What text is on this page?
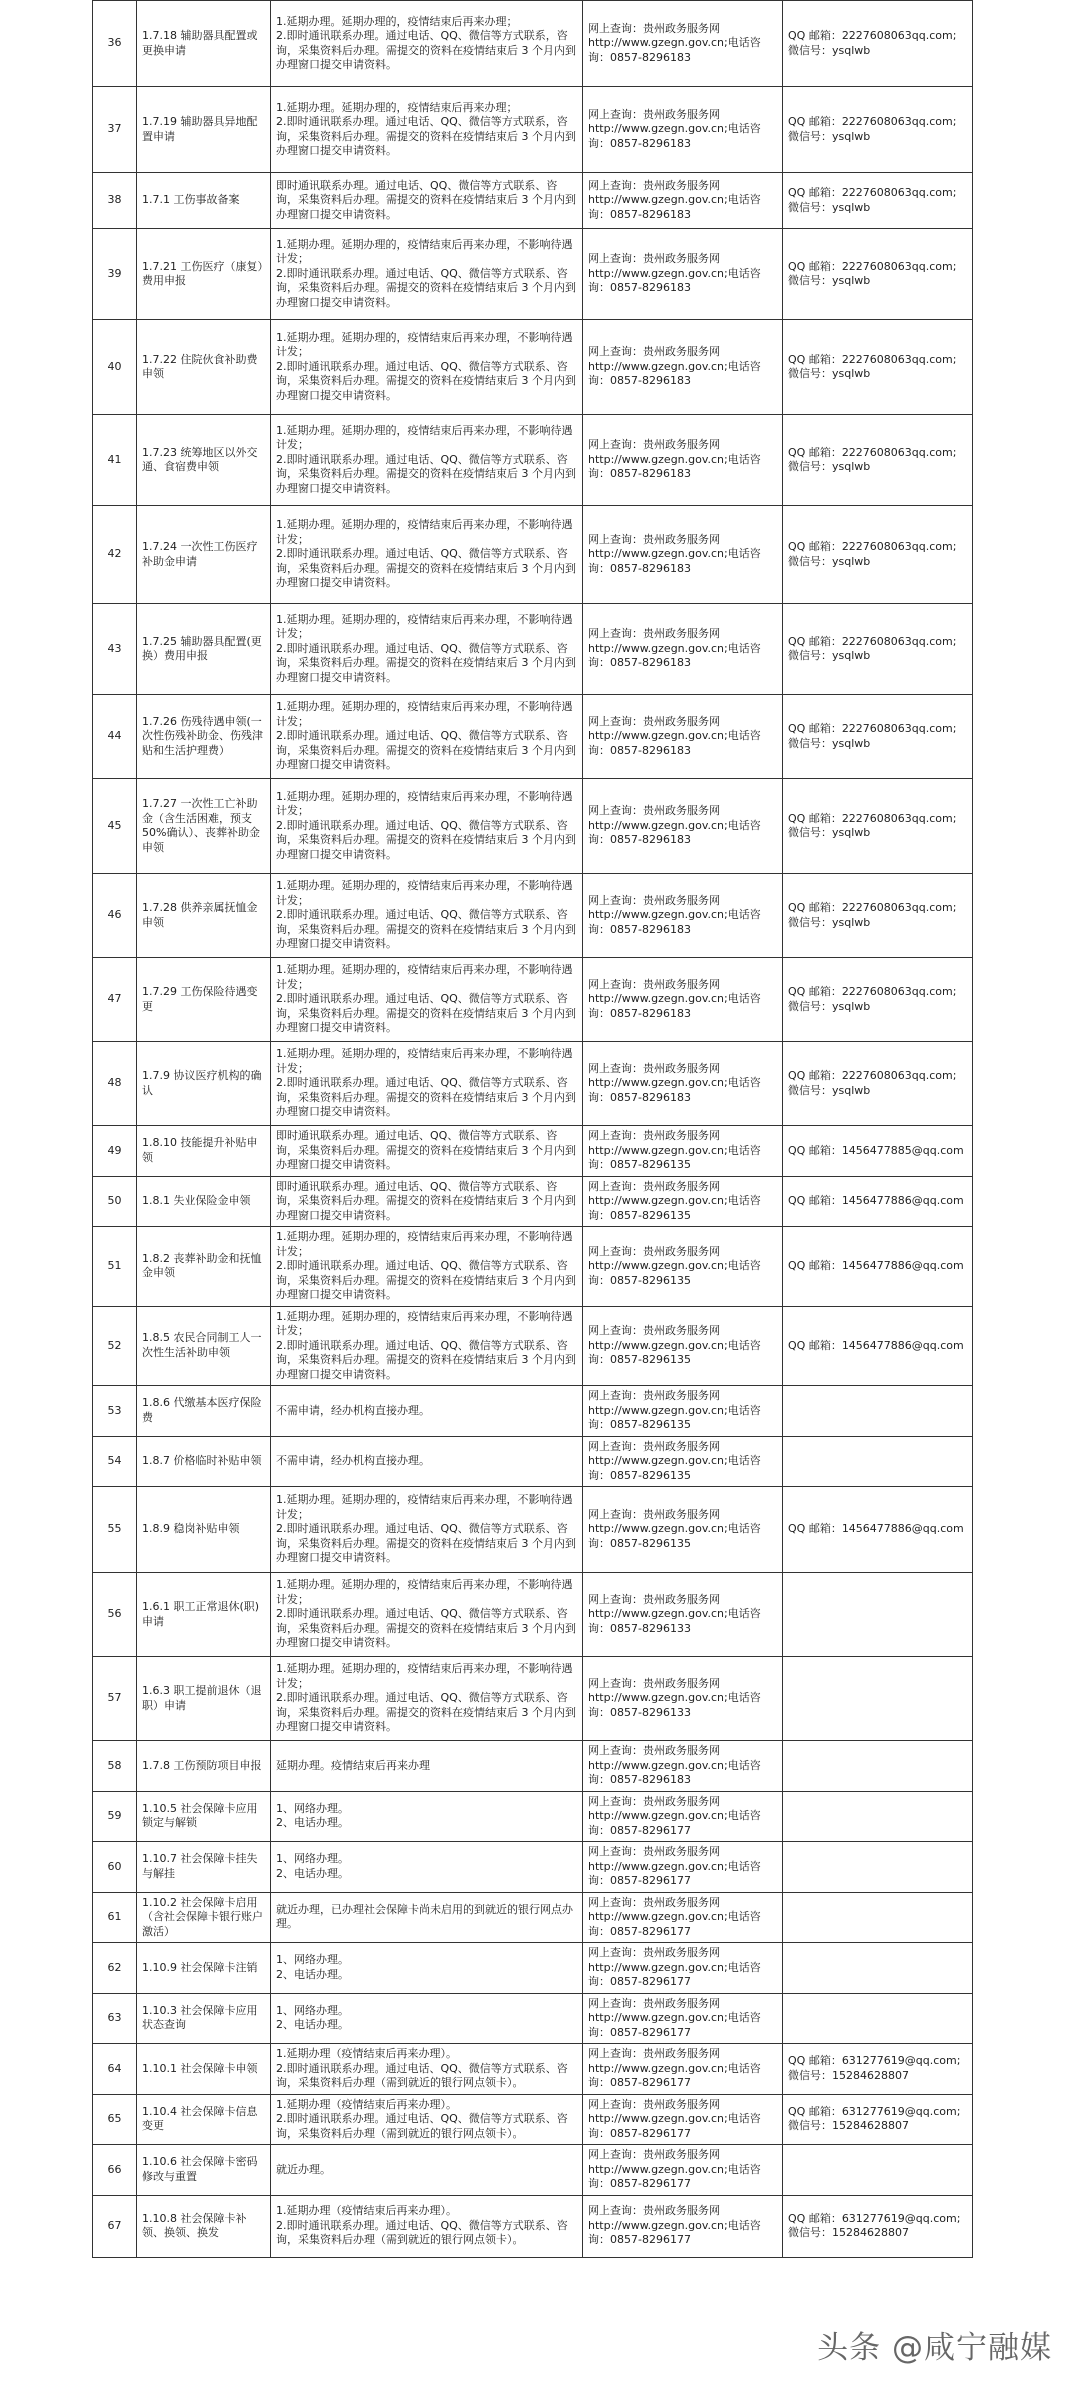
36	1.7.18 辅助器具配置或更换申请	1.延期办理。延期办理的，疫情结束后再来办理；
2.即时通讯联系办理。通过电话、QQ、微信等方式联系，咨询，采集资料后办理。需提交的资料在疫情结束后 3 个月内到办理窗口提交申请资料。	网上查询：贵州政务服务网
http://www.gzegn.gov.cn;电话咨询：0857-8296183	QQ 邮箱：2227608063qq.com;
微信号：ysqlwb
37	1.7.19 辅助器具异地配置申请	1.延期办理。延期办理的，疫情结束后再来办理；
2.即时通讯联系办理。通过电话、QQ、微信等方式联系，咨询，采集资料后办理。需提交的资料在疫情结束后 3 个月内到办理窗口提交申请资料。	网上查询：贵州政务服务网
http://www.gzegn.gov.cn;电话咨询：0857-8296183	QQ 邮箱：2227608063qq.com;
微信号：ysqlwb
38	1.7.1 工伤事故备案	即时通讯联系办理。通过电话、QQ、微信等方式联系、咨询，采集资料后办理。需提交的资料在疫情结束后 3 个月内到办理窗口提交申请资料。	网上查询：贵州政务服务网
http://www.gzegn.gov.cn;电话咨询：0857-8296183	QQ 邮箱：2227608063qq.com;
微信号：ysqlwb
39	1.7.21 工伤医疗（康复）费用申报	1.延期办理。延期办理的，疫情结束后再来办理，不影响待遇计发；
2.即时通讯联系办理。通过电话、QQ、微信等方式联系、咨询，采集资料后办理。需提交的资料在疫情结束后 3 个月内到办理窗口提交申请资料。	网上查询：贵州政务服务网
http://www.gzegn.gov.cn;电话咨询：0857-8296183	QQ 邮箱：2227608063qq.com;
微信号：ysqlwb
40	1.7.22 住院伙食补助费申领	1.延期办理。延期办理的，疫情结束后再来办理，不影响待遇计发；
2.即时通讯联系办理。通过电话、QQ、微信等方式联系、咨询，采集资料后办理。需提交的资料在疫情结束后 3 个月内到办理窗口提交申请资料。	网上查询：贵州政务服务网
http://www.gzegn.gov.cn;电话咨询：0857-8296183	QQ 邮箱：2227608063qq.com;
微信号：ysqlwb
41	1.7.23 统筹地区以外交通、食宿费申领	1.延期办理。延期办理的，疫情结束后再来办理，不影响待遇计发；
2.即时通讯联系办理。通过电话、QQ、微信等方式联系、咨询，采集资料后办理。需提交的资料在疫情结束后 3 个月内到办理窗口提交申请资料。	网上查询：贵州政务服务网
http://www.gzegn.gov.cn;电话咨询：0857-8296183	QQ 邮箱：2227608063qq.com;
微信号：ysqlwb
42	1.7.24 一次性工伤医疗补助金申请	1.延期办理。延期办理的，疫情结束后再来办理，不影响待遇计发；
2.即时通讯联系办理。通过电话、QQ、微信等方式联系、咨询，采集资料后办理。需提交的资料在疫情结束后 3 个月内到办理窗口提交申请资料。	网上查询：贵州政务服务网
http://www.gzegn.gov.cn;电话咨询：0857-8296183	QQ 邮箱：2227608063qq.com;
微信号：ysqlwb
43	1.7.25 辅助器具配置(更换）费用申报	1.延期办理。延期办理的，疫情结束后再来办理，不影响待遇计发；
2.即时通讯联系办理。通过电话、QQ、微信等方式联系、咨询，采集资料后办理。需提交的资料在疫情结束后 3 个月内到办理窗口提交申请资料。	网上查询：贵州政务服务网
http://www.gzegn.gov.cn;电话咨询：0857-8296183	QQ 邮箱：2227608063qq.com;
微信号：ysqlwb
44	1.7.26 伤残待遇申领(一次性伤残补助金、伤残津贴和生活护理费）	1.延期办理。延期办理的，疫情结束后再来办理，不影响待遇计发；
2.即时通讯联系办理。通过电话、QQ、微信等方式联系、咨询，采集资料后办理。需提交的资料在疫情结束后 3 个月内到办理窗口提交申请资料。	网上查询：贵州政务服务网
http://www.gzegn.gov.cn;电话咨询：0857-8296183	QQ 邮箱：2227608063qq.com;
微信号：ysqlwb
45	1.7.27 一次性工亡补助金（含生活困难，预支50%确认）、丧葬补助金申领	1.延期办理。延期办理的，疫情结束后再来办理，不影响待遇计发；
2.即时通讯联系办理。通过电话、QQ、微信等方式联系、咨询，采集资料后办理。需提交的资料在疫情结束后 3 个月内到办理窗口提交申请资料。	网上查询：贵州政务服务网
http://www.gzegn.gov.cn;电话咨询：0857-8296183	QQ 邮箱：2227608063qq.com;
微信号：ysqlwb
46	1.7.28 供养亲属抚恤金申领	1.延期办理。延期办理的，疫情结束后再来办理，不影响待遇计发；
2.即时通讯联系办理。通过电话、QQ、微信等方式联系、咨询，采集资料后办理。需提交的资料在疫情结束后 3 个月内到办理窗口提交申请资料。	网上查询：贵州政务服务网
http://www.gzegn.gov.cn;电话咨询：0857-8296183	QQ 邮箱：2227608063qq.com;
微信号：ysqlwb
47	1.7.29 工伤保险待遇变更	1.延期办理。延期办理的，疫情结束后再来办理，不影响待遇计发；
2.即时通讯联系办理。通过电话、QQ、微信等方式联系、咨询，采集资料后办理。需提交的资料在疫情结束后 3 个月内到办理窗口提交申请资料。	网上查询：贵州政务服务网
http://www.gzegn.gov.cn;电话咨询：0857-8296183	QQ 邮箱：2227608063qq.com;
微信号：ysqlwb
48	1.7.9 协议医疗机构的确认	1.延期办理。延期办理的，疫情结束后再来办理，不影响待遇计发；
2.即时通讯联系办理。通过电话、QQ、微信等方式联系、咨询，采集资料后办理。需提交的资料在疫情结束后 3 个月内到办理窗口提交申请资料。	网上查询：贵州政务服务网
http://www.gzegn.gov.cn;电话咨询：0857-8296183	QQ 邮箱：2227608063qq.com;
微信号：ysqlwb
49	1.8.10 技能提升补贴申领	即时通讯联系办理。通过电话、QQ、微信等方式联系、咨询，采集资料后办理。需提交的资料在疫情结束后 3 个月内到办理窗口提交申请资料。	网上查询：贵州政务服务网
http://www.gzegn.gov.cn;电话咨询：0857-8296135	QQ 邮箱：1456477885@qq.com
50	1.8.1 失业保险金申领	即时通讯联系办理。通过电话、QQ、微信等方式联系、咨询，采集资料后办理。需提交的资料在疫情结束后 3 个月内到办理窗口提交申请资料。	网上查询：贵州政务服务网
http://www.gzegn.gov.cn;电话咨询：0857-8296135	QQ 邮箱：1456477886@qq.com
51	1.8.2 丧葬补助金和抚恤金申领	1.延期办理。延期办理的，疫情结束后再来办理，不影响待遇计发；
2.即时通讯联系办理。通过电话、QQ、微信等方式联系、咨询，采集资料后办理。需提交的资料在疫情结束后 3 个月内到办理窗口提交申请资料。	网上查询：贵州政务服务网
http://www.gzegn.gov.cn;电话咨询：0857-8296135	QQ 邮箱：1456477886@qq.com
52	1.8.5 农民合同制工人一次性生活补助申领	1.延期办理。延期办理的，疫情结束后再来办理，不影响待遇计发；
2.即时通讯联系办理。通过电话、QQ、微信等方式联系、咨询，采集资料后办理。需提交的资料在疫情结束后 3 个月内到办理窗口提交申请资料。	网上查询：贵州政务服务网
http://www.gzegn.gov.cn;电话咨询：0857-8296135	QQ 邮箱：1456477886@qq.com
53	1.8.6 代缴基本医疗保险费	不需申请，经办机构直接办理。	网上查询：贵州政务服务网
http://www.gzegn.gov.cn;电话咨询：0857-8296135	
54	1.8.7 价格临时补贴申领	不需申请，经办机构直接办理。	网上查询：贵州政务服务网
http://www.gzegn.gov.cn;电话咨询：0857-8296135	
55	1.8.9 稳岗补贴申领	1.延期办理。延期办理的，疫情结束后再来办理，不影响待遇计发；
2.即时通讯联系办理。通过电话、QQ、微信等方式联系、咨询，采集资料后办理。需提交的资料在疫情结束后 3 个月内到办理窗口提交申请资料。	网上查询：贵州政务服务网
http://www.gzegn.gov.cn;电话咨询：0857-8296135	QQ 邮箱：1456477886@qq.com
56	1.6.1 职工正常退休(职)申请	1.延期办理。延期办理的，疫情结束后再来办理，不影响待遇计发；
2.即时通讯联系办理。通过电话、QQ、微信等方式联系、咨询，采集资料后办理。需提交的资料在疫情结束后 3 个月内到办理窗口提交申请资料。	网上查询：贵州政务服务网
http://www.gzegn.gov.cn;电话咨询：0857-8296133	
57	1.6.3 职工提前退休（退职）申请	1.延期办理。延期办理的，疫情结束后再来办理，不影响待遇计发；
2.即时通讯联系办理。通过电话、QQ、微信等方式联系、咨询，采集资料后办理。需提交的资料在疫情结束后 3 个月内到办理窗口提交申请资料。	网上查询：贵州政务服务网
http://www.gzegn.gov.cn;电话咨询：0857-8296133	
58	1.7.8 工伤预防项目申报	延期办理。疫情结束后再来办理	网上查询：贵州政务服务网
http://www.gzegn.gov.cn;电话咨询：0857-8296183	
59	1.10.5 社会保障卡应用锁定与解锁	1、网络办理。
2、电话办理。	网上查询：贵州政务服务网
http://www.gzegn.gov.cn;电话咨询：0857-8296177	
60	1.10.7 社会保障卡挂失与解挂	1、网络办理。
2、电话办理。	网上查询：贵州政务服务网
http://www.gzegn.gov.cn;电话咨询：0857-8296177	
61	1.10.2 社会保障卡启用（含社会保障卡银行账户激活）	就近办理，已办理社会保障卡尚未启用的到就近的银行网点办理。	网上查询：贵州政务服务网
http://www.gzegn.gov.cn;电话咨询：0857-8296177	
62	1.10.9 社会保障卡注销	1、网络办理。
2、电话办理。	网上查询：贵州政务服务网
http://www.gzegn.gov.cn;电话咨询：0857-8296177	
63	1.10.3 社会保障卡应用状态查询	1、网络办理。
2、电话办理。	网上查询：贵州政务服务网
http://www.gzegn.gov.cn;电话咨询：0857-8296177	
64	1.10.1 社会保障卡申领	1.延期办理（疫情结束后再来办理）。
2.即时通讯联系办理。通过电话、QQ、微信等方式联系、咨询，采集资料后办理（需到就近的银行网点领卡）。	网上查询：贵州政务服务网
http://www.gzegn.gov.cn;电话咨询：0857-8296177	QQ 邮箱：631277619@qq.com;
微信号：15284628807
65	1.10.4 社会保障卡信息变更	1.延期办理（疫情结束后再来办理）。
2.即时通讯联系办理。通过电话、QQ、微信等方式联系、咨询，采集资料后办理（需到就近的银行网点领卡）。	网上查询：贵州政务服务网
http://www.gzegn.gov.cn;电话咨询：0857-8296177	QQ 邮箱：631277619@qq.com;
微信号：15284628807
66	1.10.6 社会保障卡密码修改与重置	就近办理。	网上查询：贵州政务服务网
http://www.gzegn.gov.cn;电话咨询：0857-8296177	
67	1.10.8 社会保障卡补领、换领、换发	1.延期办理（疫情结束后再来办理）。
2.即时通讯联系办理。通过电话、QQ、微信等方式联系、咨询，采集资料后办理（需到就近的银行网点领卡）。	网上查询：贵州政务服务网
http://www.gzegn.gov.cn;电话咨询：0857-8296177	QQ 邮箱：631277619@qq.com;
微信号：15284628807
头条 @咸宁融媒
